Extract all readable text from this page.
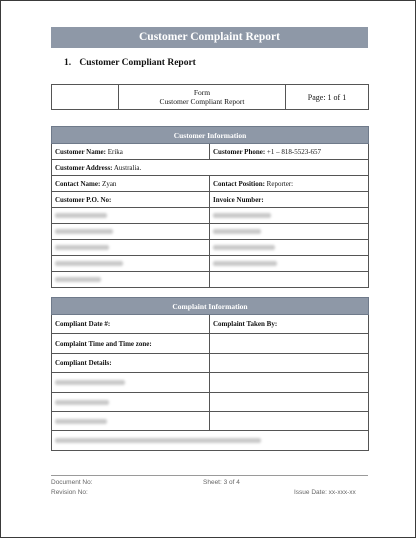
Customer Complaint Report
1. Customer Compliant Report

Form
Customer Compliant Report	Page: 1 of 1
Customer Information	
Customer Name: Erika	Customer Phone: +1 – 818-5523-657
Customer Address: Australia.	
Contact Name: Zyan	Contact Position: Reporter:
Customer P.O. No:	Invoice Number:

Complaint Information	
Compliant Date #:	Complaint Taken By:
Complaint Time and Time zone:	
Compliant Details:	

Document No:
Revision No:
Sheet: 3 of 4
Issue Date: xx-xxx-xx
